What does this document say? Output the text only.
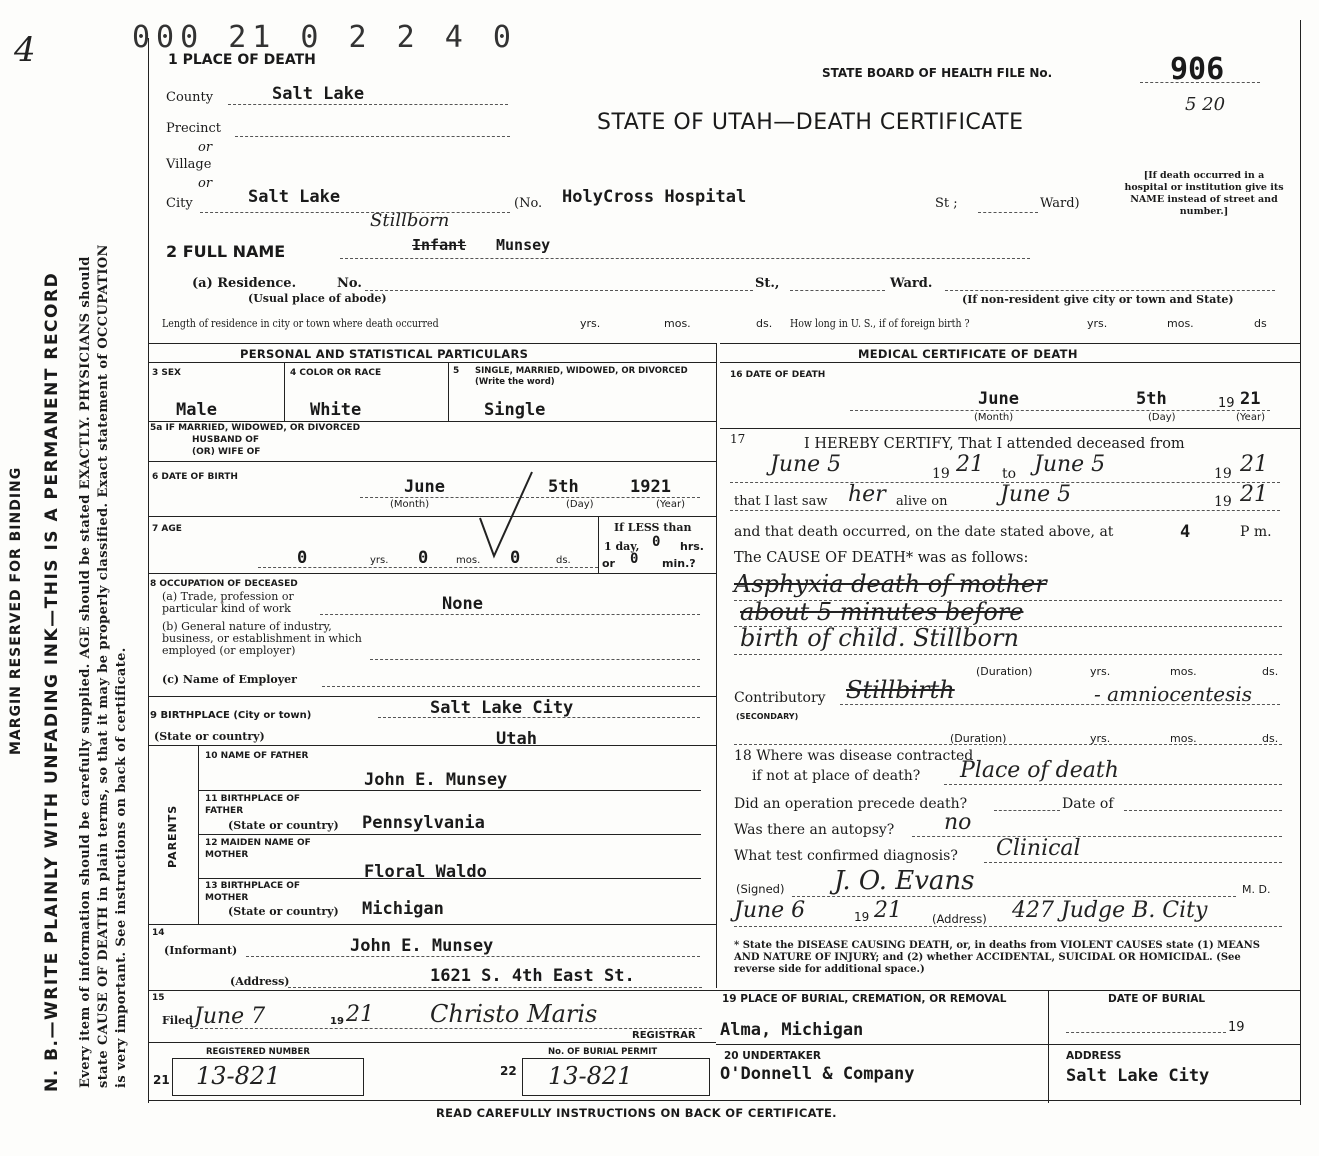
MARGIN RESERVED FOR BINDING N. B.—WRITE PLAINLY WITH UNFADING INK—THIS IS A PERMANENT RECORD Every item of information should be carefully supplied. AGE should be stated EXACTLY. PHYSICIANS should state CAUSE OF DEATH in plain terms, so that it may be properly classified. Exact statement of OCCUPATION is very important. See instructions on back of certificate.
4	000 21 0 2 2 4 0
1 PLACE OF DEATH
STATE BOARD OF HEALTH FILE No.	906
5 20
STATE OF UTAH—DEATH CERTIFICATE
County	Salt Lake
Precinct
or
Village
or
City	Salt Lake	(No. HolyCross Hospital	St ;	Ward)
[If death occurred in a hospital or institution give its NAME instead of street and number.]
Stillborn
2 FULL NAME	Infant Munsey
(a) Residence.	No.	St.,	Ward.
(Usual place of abode)	(If non-resident give city or town and State)
Length of residence in city or town where death occurred	yrs.	mos.	ds. How long in U. S., if of foreign birth ?	yrs.	mos.	ds
PERSONAL AND STATISTICAL PARTICULARS
3 SEX	4 COLOR OR RACE	5 SINGLE, MARRIED, WIDOWED, OR DIVORCED (Write the word)
Male	White	Single
5a IF MARRIED, WIDOWED, OR DIVORCED
HUSBAND OF
(OR) WIFE OF
6 DATE OF BIRTH	June	5th	1921
(Month)	(Day)	(Year)
7 AGE
0	yrs. 0	mos. 0	ds.
If LESS than
1 day, 0 hrs.
or 0 min.?
8 OCCUPATION OF DECEASED
(a) Trade, profession or particular kind of work	None
(b) General nature of industry, business, or establishment in which employed (or employer)
(c) Name of Employer
9 BIRTHPLACE (City or town)	Salt Lake City
(State or country)	Utah
PARENTS
10 NAME OF FATHER
John E. Munsey
11 BIRTHPLACE OF FATHER
(State or country) Pennsylvania
12 MAIDEN NAME OF MOTHER
Floral Waldo
13 BIRTHPLACE OF MOTHER
(State or country) Michigan
14
(Informant)	John E. Munsey
(Address)	1621 S. 4th East St.
15
Filed June 7	19 21 Christo Maris
REGISTRAR
REGISTERED NUMBER
21 13-821
No. OF BURIAL PERMIT
22 13-821
MEDICAL CERTIFICATE OF DEATH
16 DATE OF DEATH
June	5th	19 21
(Month)	(Day)	(Year)
17	I HEREBY CERTIFY, That I attended deceased from
June 5	19 21 to June 5	19 21
that I last saw her alive on June 5	19 21
and that death occurred, on the date stated above, at	4	P m.
The CAUSE OF DEATH* was as follows:
Asphyxia death of mother
about 5 minutes before
birth of child. Stillborn
(Duration)	yrs.	mos.	ds.
Contributory
(SECONDARY)
Stillbirth	- amniocentesis
(Duration)	yrs.	mos.	ds.
18 Where was disease contracted
if not at place of death? Place of death
Did an operation precede death?	Date of
Was there an autopsy? no
What test confirmed diagnosis? Clinical
(Signed) J. O. Evans	M. D.
June 6	19 21	(Address) 427 Judge B. City
* State the DISEASE CAUSING DEATH, or, in deaths from VIOLENT CAUSES state (1) MEANS AND NATURE OF INJURY; and (2) whether ACCIDENTAL, SUICIDAL OR HOMICIDAL. (See reverse side for additional space.)
19 PLACE OF BURIAL, CREMATION, OR REMOVAL
Alma, Michigan
DATE OF BURIAL
19
20 UNDERTAKER
O'Donnell & Company
ADDRESS
Salt Lake City
READ CAREFULLY INSTRUCTIONS ON BACK OF CERTIFICATE.
